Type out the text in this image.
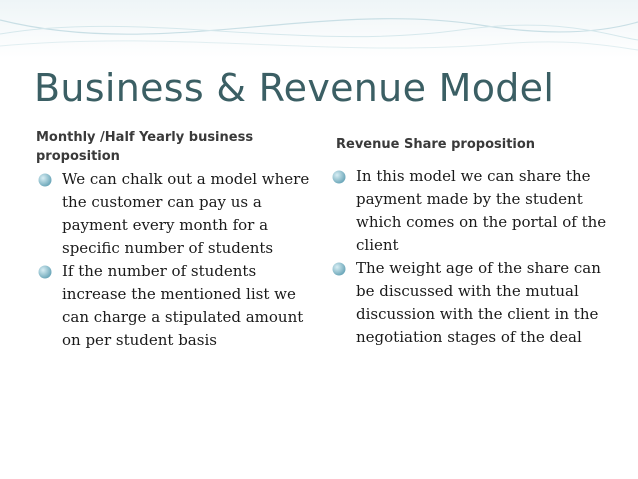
Business & Revenue Model
Monthly /Half Yearly business proposition
We can chalk out a model where the customer can pay us a payment every month for a specific number of students
If the number of students increase the mentioned list we can charge a stipulated amount on per student basis
Revenue Share proposition
In this model we can share the payment made by the student which comes on the portal of the client
The weight age of the share can be discussed with the mutual discussion with the client in the negotiation stages of the deal
